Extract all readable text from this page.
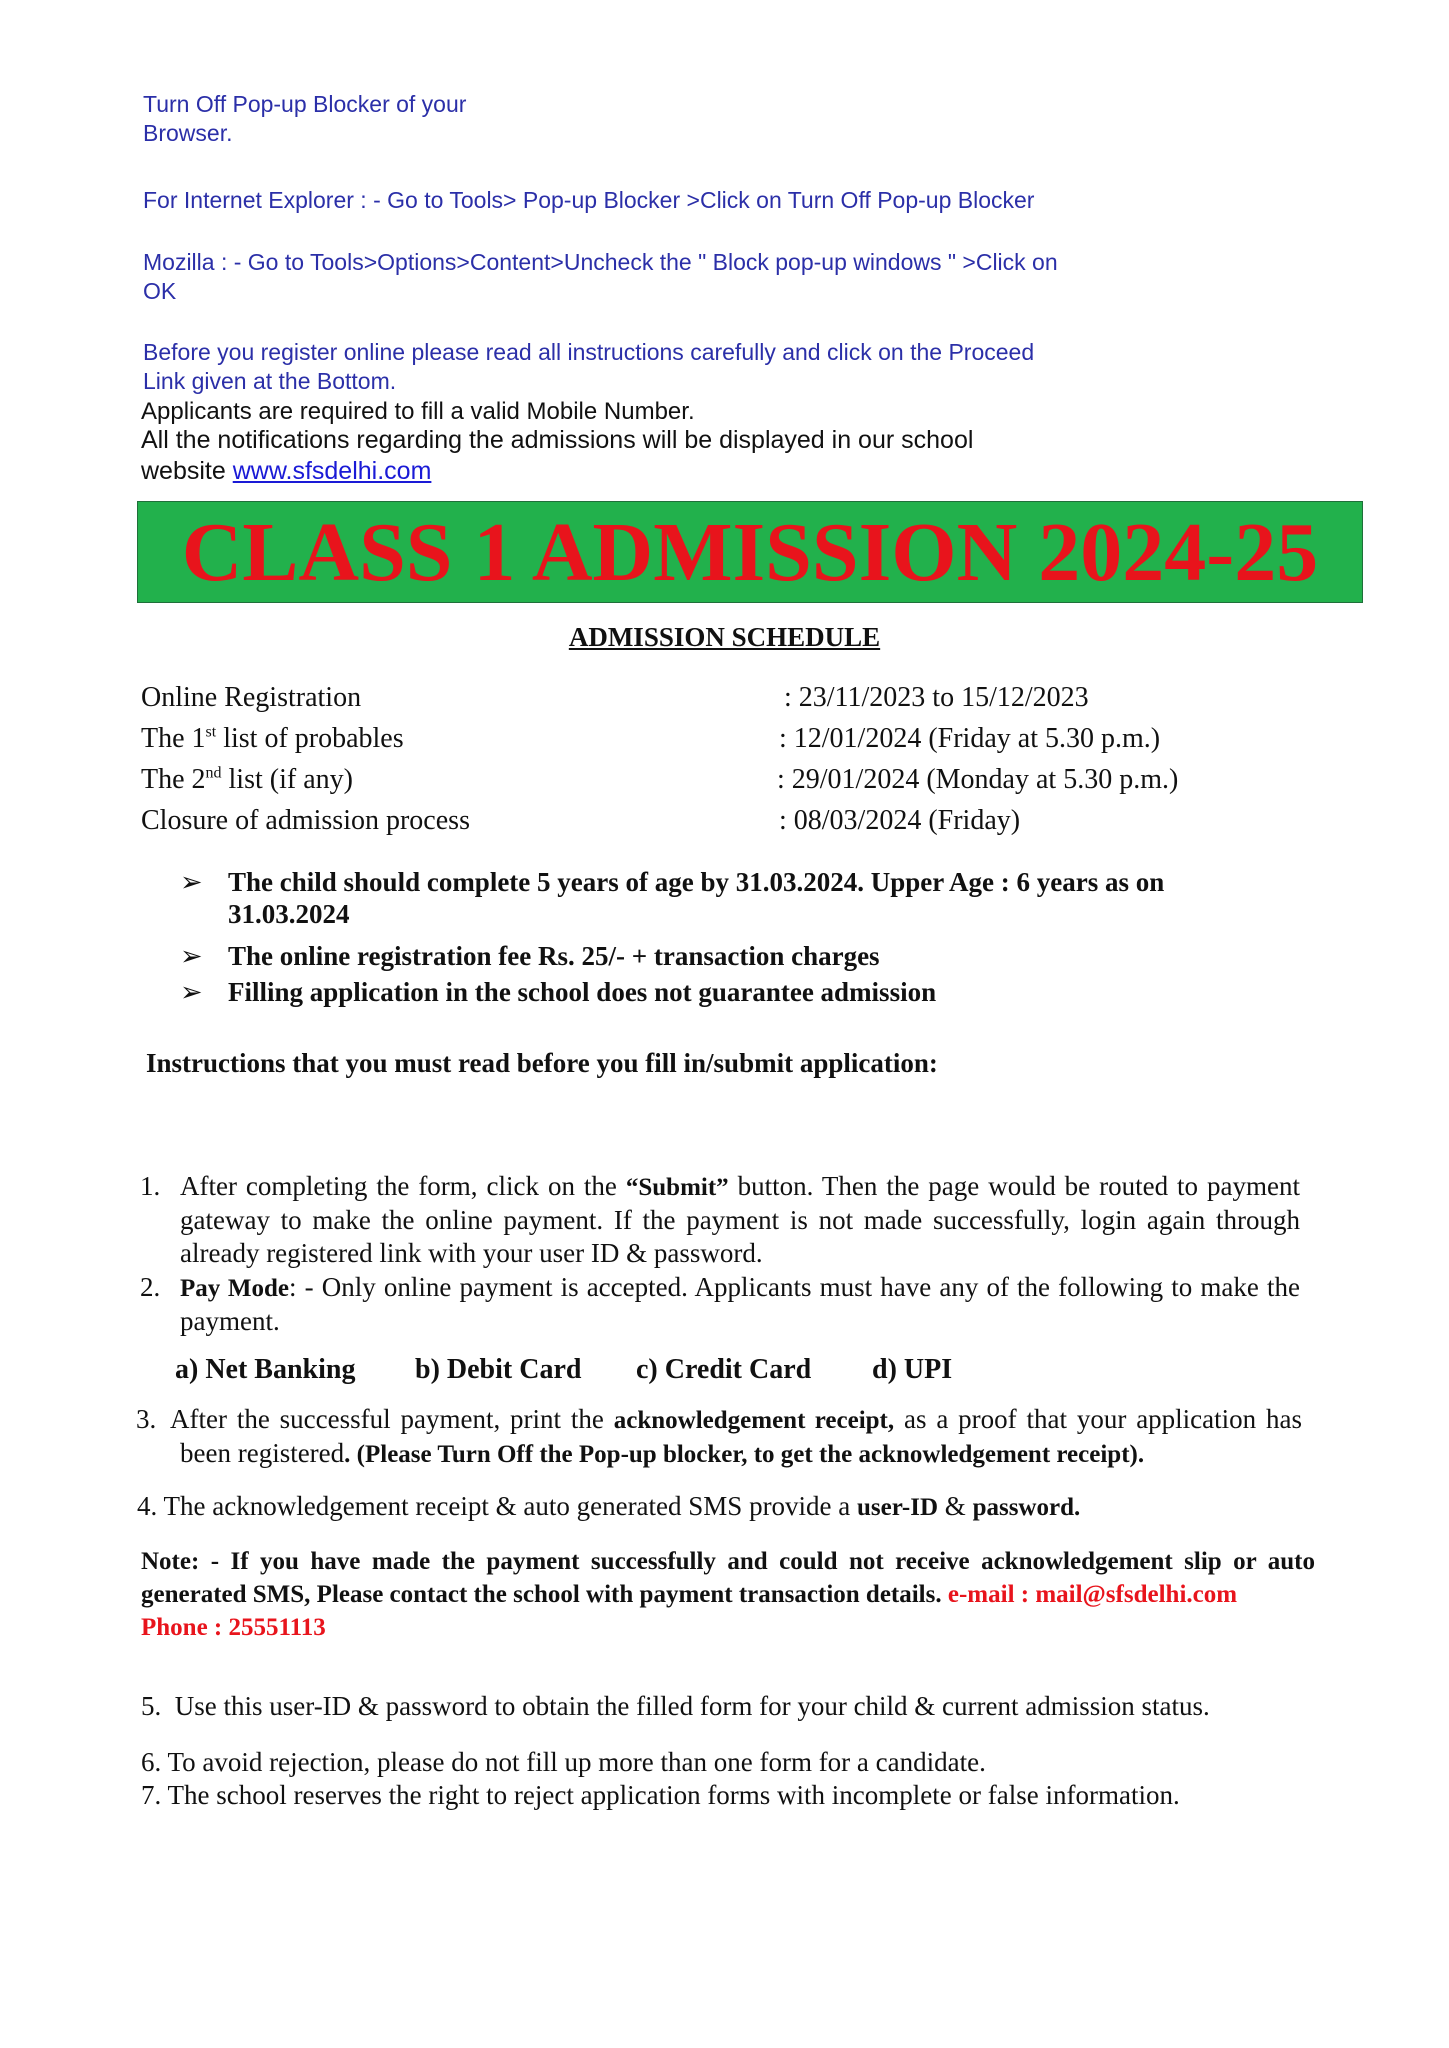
Turn Off Pop-up Blocker of your
Browser.
For Internet Explorer : - Go to Tools> Pop-up Blocker >Click on Turn Off Pop-up Blocker
Mozilla : - Go to Tools>Options>Content>Uncheck the " Block pop-up windows " >Click on
OK
Before you register online please read all instructions carefully and click on the Proceed
Link given at the Bottom.
Applicants are required to fill a valid Mobile Number.
All the notifications regarding the admissions will be displayed in our school
website www.sfsdelhi.com
CLASS 1 ADMISSION 2024-25
ADMISSION SCHEDULE
Online Registration	: 23/11/2023 to 15/12/2023
The 1st list of probables	: 12/01/2024 (Friday at 5.30 p.m.)
The 2nd list (if any)	: 29/01/2024 (Monday at 5.30 p.m.)
Closure of admission process	: 08/03/2024 (Friday)
➢ The child should complete 5 years of age by 31.03.2024. Upper Age : 6 years as on
31.03.2024
➢ The online registration fee Rs. 25/- + transaction charges
➢ Filling application in the school does not guarantee admission
Instructions that you must read before you fill in/submit application:
1. After completing the form, click on the “Submit” button. Then the page would be routed to payment gateway to make the online payment. If the payment is not made successfully, login again through already registered link with your user ID & password.
2. Pay Mode: - Only online payment is accepted. Applicants must have any of the following to make the payment.
a) Net Banking b) Debit Card c) Credit Card d) UPI
3. After the successful payment, print the acknowledgement receipt, as a proof that your application has been registered. (Please Turn Off the Pop-up blocker, to get the acknowledgement receipt).
4. The acknowledgement receipt & auto generated SMS provide a user-ID & password.
Note: - If you have made the payment successfully and could not receive acknowledgement slip or auto generated SMS, Please contact the school with payment transaction details. e-mail : mail@sfsdelhi.com
Phone : 25551113
5. Use this user-ID & password to obtain the filled form for your child & current admission status.
6. To avoid rejection, please do not fill up more than one form for a candidate.
7. The school reserves the right to reject application forms with incomplete or false information.
